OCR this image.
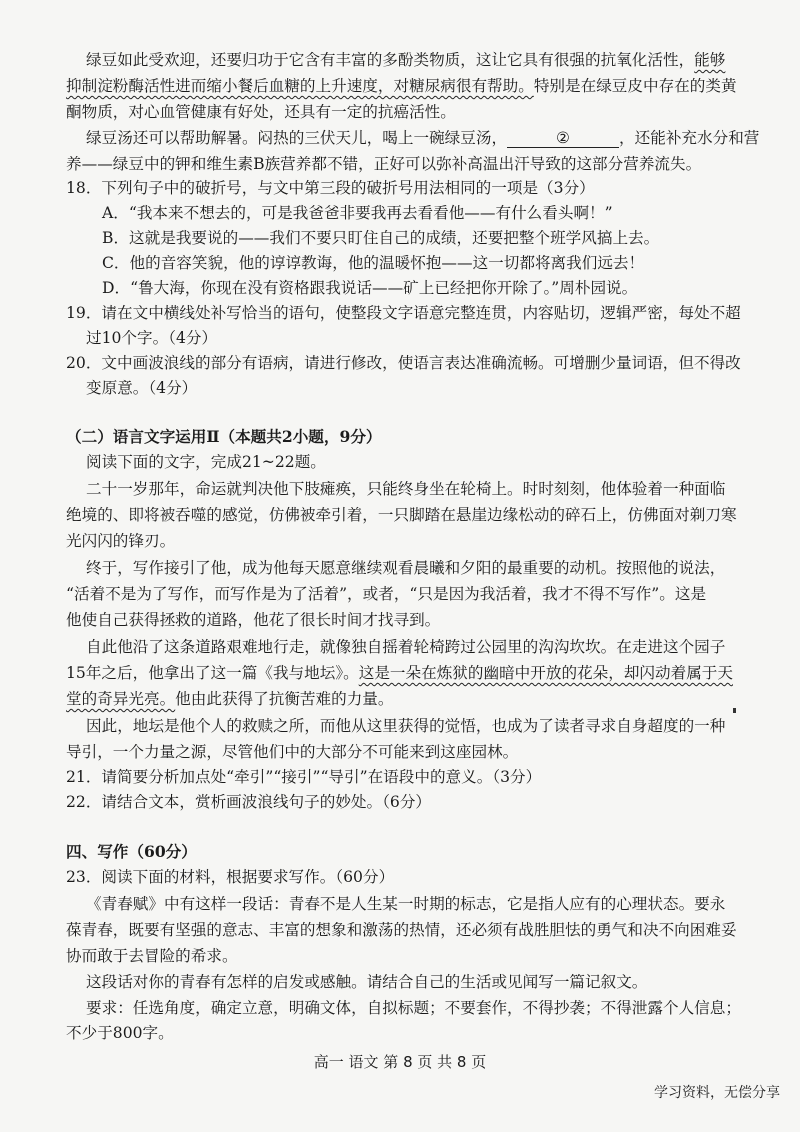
绿豆如此受欢迎，还要归功于它含有丰富的多酚类物质，这让它具有很强的抗氧化活性，能够
抑制淀粉酶活性进而缩小餐后血糖的上升速度，对糖尿病很有帮助。特别是在绿豆皮中存在的类黄
酮物质，对心血管健康有好处，还具有一定的抗癌活性。
绿豆汤还可以帮助解暑。闷热的三伏天儿，喝上一碗绿豆汤，	②	，还能补充水分和营
养——绿豆中的钾和维生素B族营养都不错，正好可以弥补高温出汗导致的这部分营养流失。
18．下列句子中的破折号，与文中第三段的破折号用法相同的一项是（3分）
A．“我本来不想去的，可是我爸爸非要我再去看看他——有什么看头啊！”
B．这就是我要说的——我们不要只盯住自己的成绩，还要把整个班学风搞上去。
C．他的音容笑貌，他的谆谆教诲，他的温暖怀抱——这一切都将离我们远去！
D．“鲁大海，你现在没有资格跟我说话——矿上已经把你开除了。”周朴园说。
19．请在文中横线处补写恰当的语句，使整段文字语意完整连贯，内容贴切，逻辑严密，每处不超
过10个字。（4分）
20．文中画波浪线的部分有语病，请进行修改，使语言表达准确流畅。可增删少量词语，但不得改
变原意。（4分）
（二）语言文字运用Ⅱ（本题共2小题，9分）
阅读下面的文字，完成21~22题。
二十一岁那年，命运就判决他下肢瘫痪，只能终身坐在轮椅上。时时刻刻，他体验着一种面临
绝境的、即将被吞噬的感觉，仿佛被牵引着，一只脚踏在悬崖边缘松动的碎石上，仿佛面对剃刀寒
光闪闪的锋刃。
终于，写作接引了他，成为他每天愿意继续观看晨曦和夕阳的最重要的动机。按照他的说法，
“活着不是为了写作，而写作是为了活着”，或者，“只是因为我活着，我才不得不写作”。这是
他使自己获得拯救的道路，他花了很长时间才找寻到。
自此他沿了这条道路艰难地行走，就像独自摇着轮椅跨过公园里的沟沟坎坎。在走进这个园子
15年之后，他拿出了这一篇《我与地坛》。这是一朵在炼狱的幽暗中开放的花朵，却闪动着属于天
堂的奇异光亮。他由此获得了抗衡苦难的力量。
因此，地坛是他个人的救赎之所，而他从这里获得的觉悟，也成为了读者寻求自身超度的一种
导引，一个力量之源，尽管他们中的大部分不可能来到这座园林。
21．请简要分析加点处“牵引”“接引”“导引”在语段中的意义。（3分）
22．请结合文本，赏析画波浪线句子的妙处。（6分）
四、写作（60分）
23．阅读下面的材料，根据要求写作。（60分）
《青春赋》中有这样一段话：青春不是人生某一时期的标志，它是指人应有的心理状态。要永
葆青春，既要有坚强的意志、丰富的想象和激荡的热情，还必须有战胜胆怯的勇气和决不向困难妥
协而敢于去冒险的希求。
这段话对你的青春有怎样的启发或感触。请结合自己的生活或见闻写一篇记叙文。
要求：任选角度，确定立意，明确文体，自拟标题；不要套作，不得抄袭；不得泄露个人信息；
不少于800字。
高一 语文 第 8 页 共 8 页
学习资料，无偿分享
